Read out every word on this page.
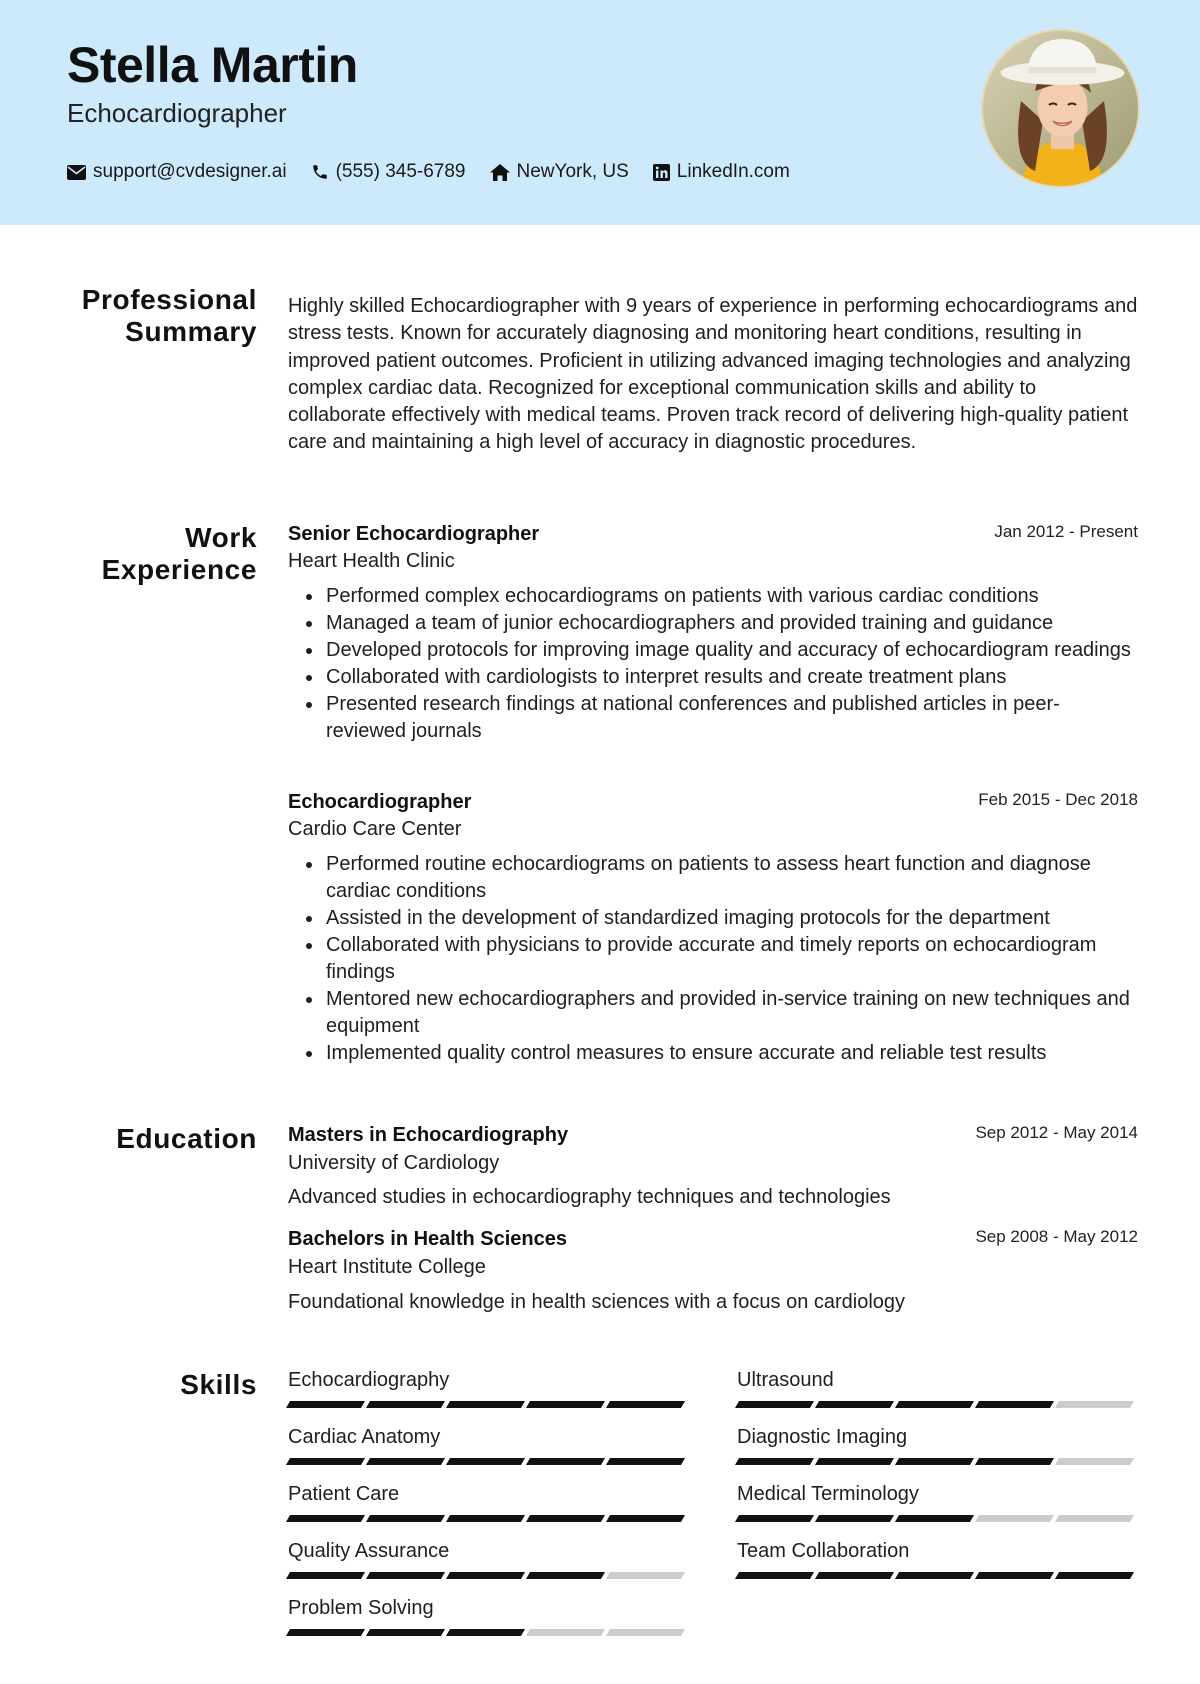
Stella Martin
Echocardiographer
support@cvdesigner.ai	(555) 345-6789	NewYork, US	LinkedIn.com
Professional Summary

Highly skilled Echocardiographer with 9 years of experience in performing echocardiograms and stress tests. Known for accurately diagnosing and monitoring heart conditions, resulting in improved patient outcomes. Proficient in utilizing advanced imaging technologies and analyzing complex cardiac data. Recognized for exceptional communication skills and ability to collaborate effectively with medical teams. Proven track record of delivering high-quality patient care and maintaining a high level of accuracy in diagnostic procedures.

Work Experience
Senior Echocardiographer	Jan 2012 - Present
Heart Health Clinic
Performed complex echocardiograms on patients with various cardiac conditions
Managed a team of junior echocardiographers and provided training and guidance
Developed protocols for improving image quality and accuracy of echocardiogram readings
Collaborated with cardiologists to interpret results and create treatment plans
Presented research findings at national conferences and published articles in peer-reviewed journals
Echocardiographer	Feb 2015 - Dec 2018
Cardio Care Center
Performed routine echocardiograms on patients to assess heart function and diagnose cardiac conditions
Assisted in the development of standardized imaging protocols for the department
Collaborated with physicians to provide accurate and timely reports on echocardiogram findings
Mentored new echocardiographers and provided in-service training on new techniques and equipment
Implemented quality control measures to ensure accurate and reliable test results
Education Masters in Echocardiography	Sep 2012 - May 2014
University of Cardiology
Advanced studies in echocardiography techniques and technologies
Bachelors in Health Sciences	Sep 2008 - May 2012
Heart Institute College
Foundational knowledge in health sciences with a focus on cardiology
Skills Echocardiography	Ultrasound
Cardiac Anatomy	Diagnostic Imaging
Patient Care	Medical Terminology
Quality Assurance	Team Collaboration
Problem Solving
